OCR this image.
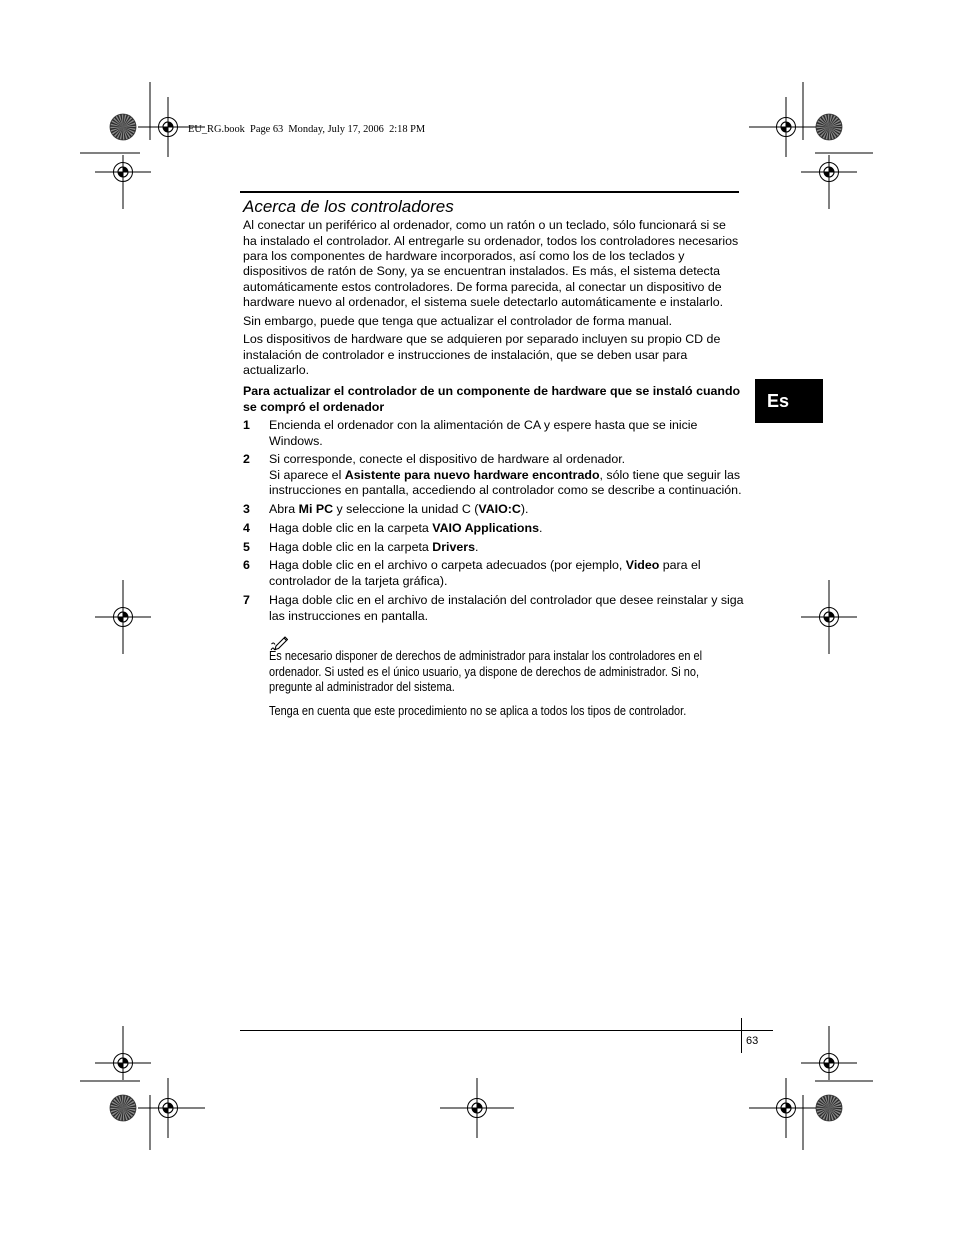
EU_RG.book  Page 63  Monday, July 17, 2006  2:18 PM
Acerca de los controladores
Al conectar un periférico al ordenador, como un ratón o un teclado, sólo funcionará si se
ha instalado el controlador. Al entregarle su ordenador, todos los controladores necesarios
para los componentes de hardware incorporados, así como los de los teclados y
dispositivos de ratón de Sony, ya se encuentran instalados. Es más, el sistema detecta
automáticamente estos controladores. De forma parecida, al conectar un dispositivo de
hardware nuevo al ordenador, el sistema suele detectarlo automáticamente e instalarlo.
Sin embargo, puede que tenga que actualizar el controlador de forma manual.
Los dispositivos de hardware que se adquieren por separado incluyen su propio CD de
instalación de controlador e instrucciones de instalación, que se deben usar para
actualizarlo.
Para actualizar el controlador de un componente de hardware que se instaló cuando
se compró el ordenador
1 Encienda el ordenador con la alimentación de CA y espere hasta que se inicie
Windows.
2 Si corresponde, conecte el dispositivo de hardware al ordenador.
Si aparece el Asistente para nuevo hardware encontrado, sólo tiene que seguir las
instrucciones en pantalla, accediendo al controlador como se describe a continuación.
3 Abra Mi PC y seleccione la unidad C (VAIO:C).
4 Haga doble clic en la carpeta VAIO Applications.
5 Haga doble clic en la carpeta Drivers.
6 Haga doble clic en el archivo o carpeta adecuados (por ejemplo, Video para el
controlador de la tarjeta gráfica).
7 Haga doble clic en el archivo de instalación del controlador que desee reinstalar y siga
las instrucciones en pantalla.
Es necesario disponer de derechos de administrador para instalar los controladores en el
ordenador. Si usted es el único usuario, ya dispone de derechos de administrador. Si no,
pregunte al administrador del sistema.
Tenga en cuenta que este procedimiento no se aplica a todos los tipos de controlador.
Es
63
